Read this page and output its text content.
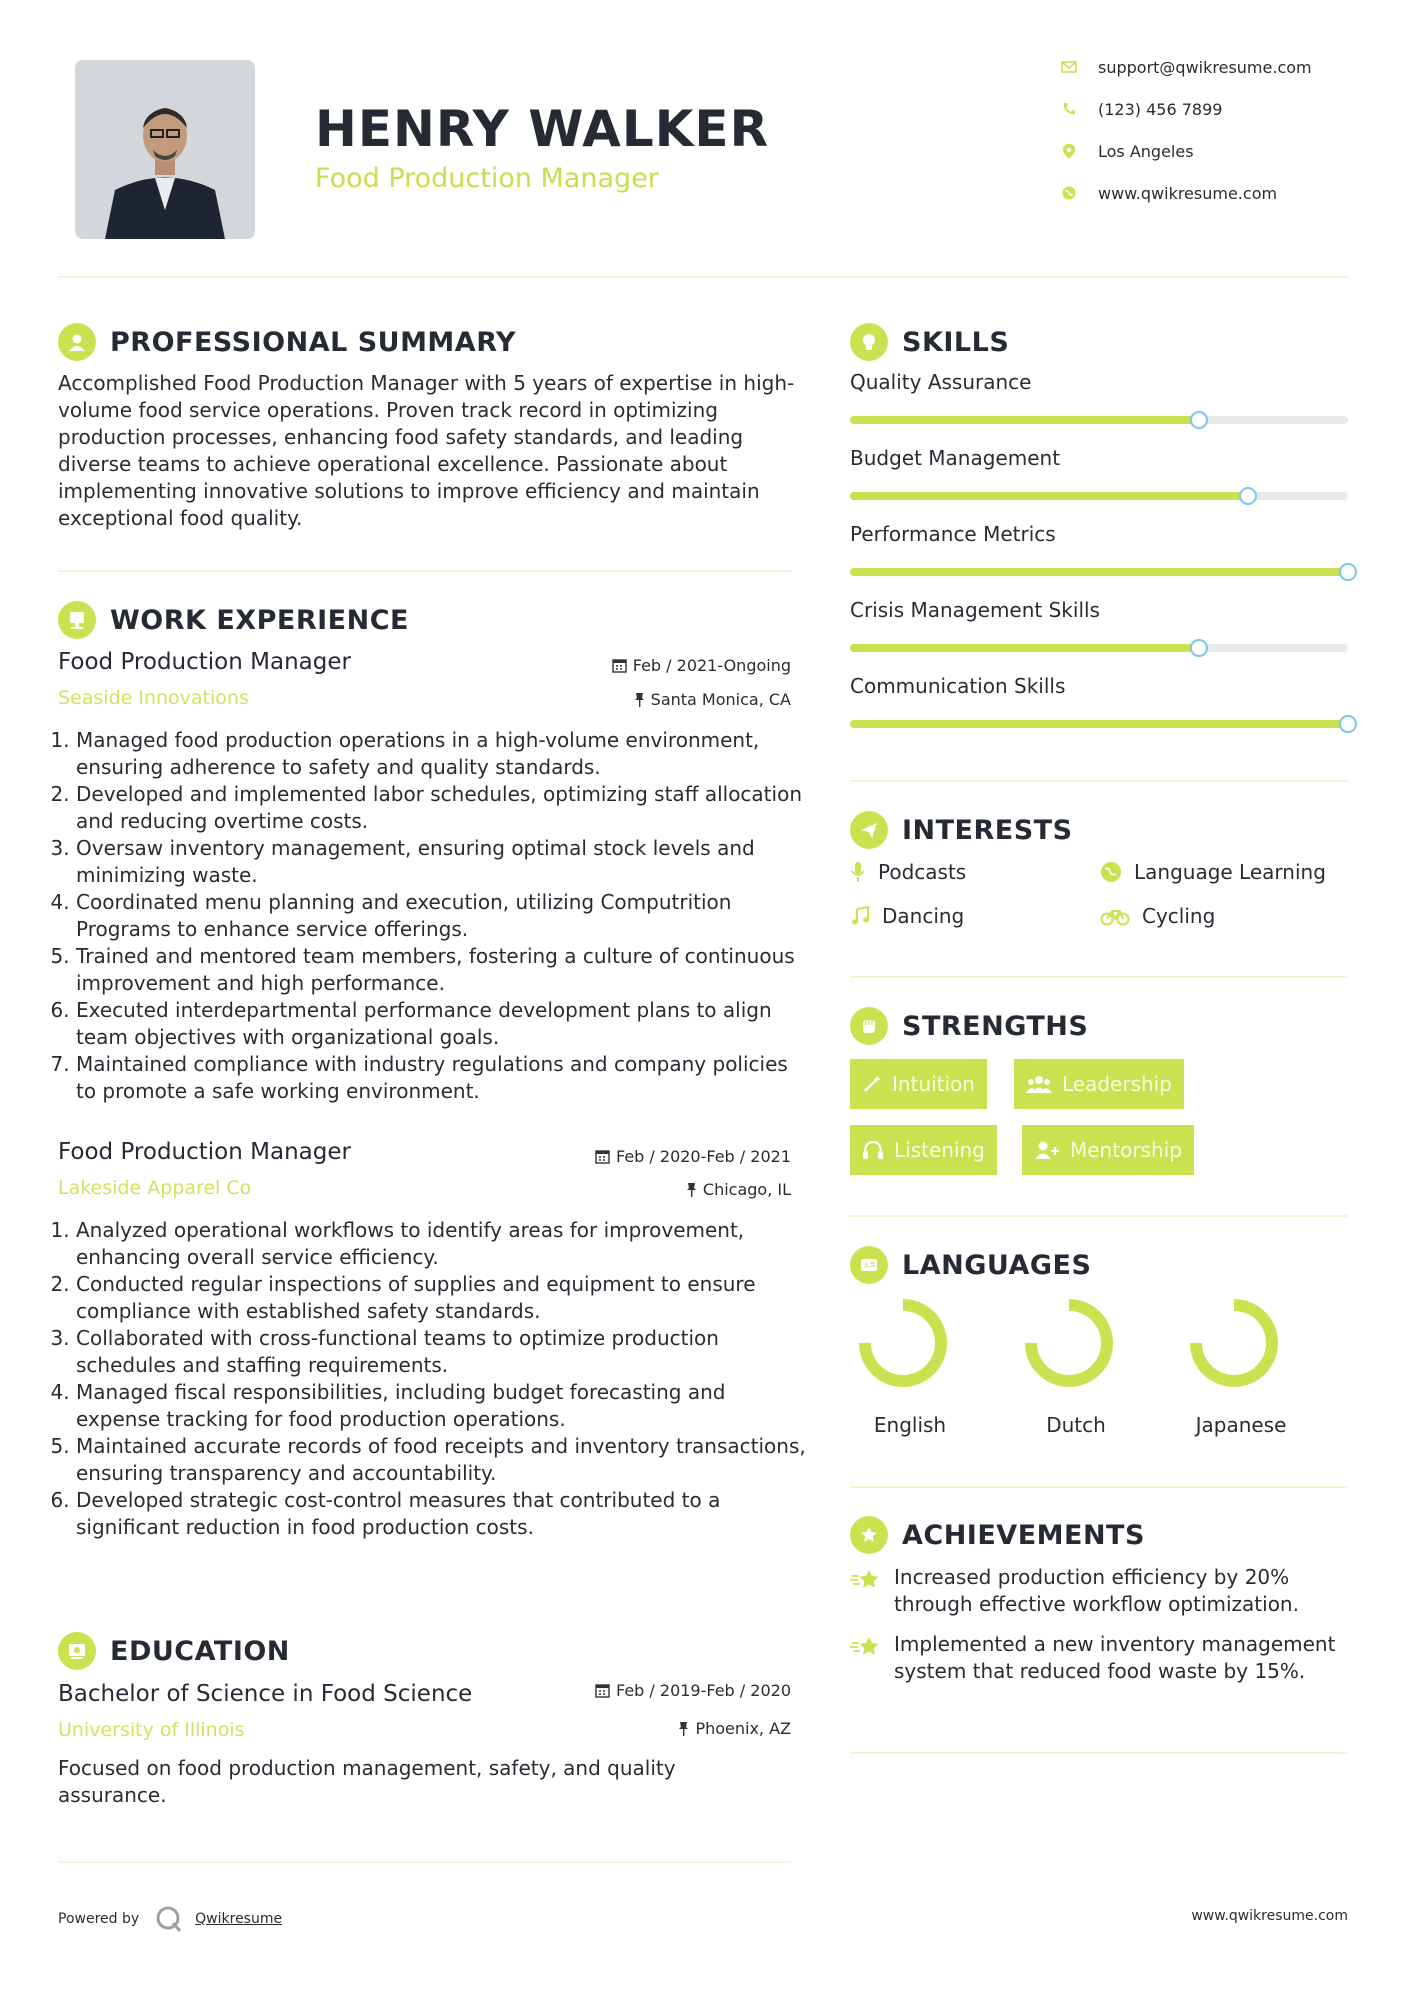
HENRY WALKER
Food Production Manager
support@qwikresume.com
(123) 456 7899
Los Angeles
www.qwikresume.com
PROFESSIONAL SUMMARY
Accomplished Food Production Manager with 5 years of expertise in high-volume food service operations. Proven track record in optimizing production processes, enhancing food safety standards, and leading diverse teams to achieve operational excellence. Passionate about implementing innovative solutions to improve efficiency and maintain exceptional food quality.
WORK EXPERIENCE
Food Production Manager	Feb / 2021-Ongoing
Seaside Innovations	Santa Monica, CA
1. Managed food production operations in a high-volume environment, ensuring adherence to safety and quality standards.
2. Developed and implemented labor schedules, optimizing staff allocation and reducing overtime costs.
3. Oversaw inventory management, ensuring optimal stock levels and minimizing waste.
4. Coordinated menu planning and execution, utilizing Computrition Programs to enhance service offerings.
5. Trained and mentored team members, fostering a culture of continuous improvement and high performance.
6. Executed interdepartmental performance development plans to align team objectives with organizational goals.
7. Maintained compliance with industry regulations and company policies to promote a safe working environment.
Food Production Manager	Feb / 2020-Feb / 2021
Lakeside Apparel Co	Chicago, IL
1. Analyzed operational workflows to identify areas for improvement, enhancing overall service efficiency.
2. Conducted regular inspections of supplies and equipment to ensure compliance with established safety standards.
3. Collaborated with cross-functional teams to optimize production schedules and staffing requirements.
4. Managed fiscal responsibilities, including budget forecasting and expense tracking for food production operations.
5. Maintained accurate records of food receipts and inventory transactions, ensuring transparency and accountability.
6. Developed strategic cost-control measures that contributed to a significant reduction in food production costs.
EDUCATION
Bachelor of Science in Food Science	Feb / 2019-Feb / 2020
University of Illinois	Phoenix, AZ
Focused on food production management, safety, and quality assurance.
SKILLS
Quality Assurance
Budget Management
Performance Metrics
Crisis Management Skills
Communication Skills
INTERESTS
Podcasts	Language Learning
Dancing	Cycling
STRENGTHS
Intuition	Leadership
Listening	Mentorship
A LANGUAGES
English	Dutch	Japanese
ACHIEVEMENTS
Increased production efficiency by 20% through effective workflow optimization.
Implemented a new inventory management system that reduced food waste by 15%.
Powered by	Qwikresume	www.qwikresume.com
